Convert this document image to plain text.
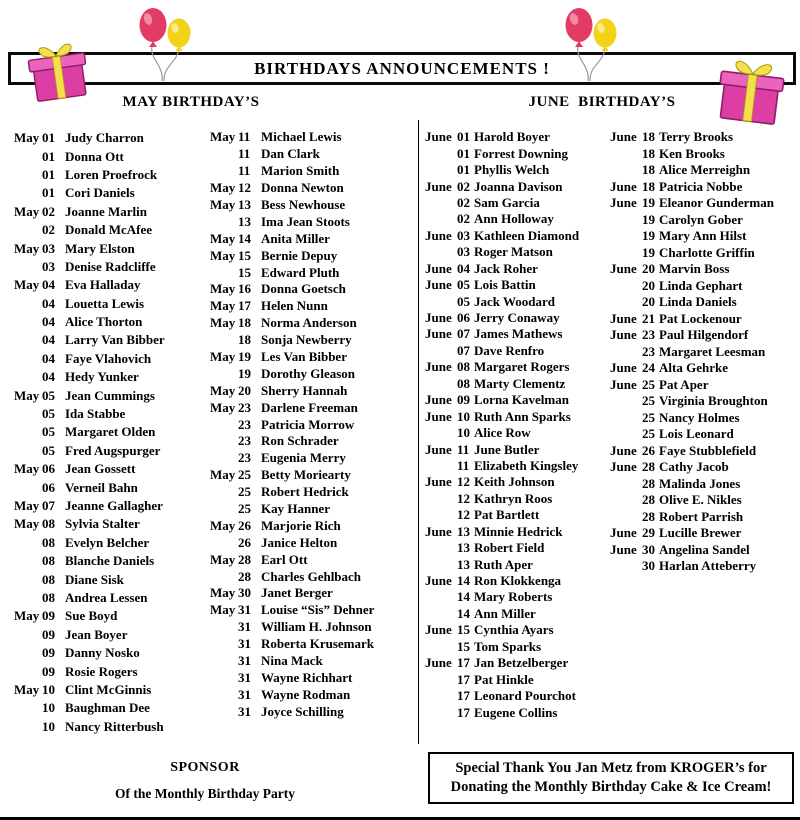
BIRTHDAYS ANNOUNCEMENTS !
MAY BIRTHDAY’S	JUNE  BIRTHDAY’S
May 01 Judy Charron
01 Donna Ott
01 Loren Proefrock
01 Cori Daniels
May 02 Joanne Marlin
02 Donald McAfee
May 03 Mary Elston
03 Denise Radcliffe
May 04 Eva Halladay
04 Louetta Lewis
04 Alice Thorton
04 Larry Van Bibber
04 Faye Vlahovich
04 Hedy Yunker
May 05 Jean Cummings
05 Ida Stabbe
05 Margaret Olden
05 Fred Augspurger
May 06 Jean Gossett
06 Verneil Bahn
May 07 Jeanne Gallagher
May 08 Sylvia Stalter
08 Evelyn Belcher
08 Blanche Daniels
08 Diane Sisk
08 Andrea Lessen
May 09 Sue Boyd
09 Jean Boyer
09 Danny Nosko
09 Rosie Rogers
May 10 Clint McGinnis
10 Baughman Dee
10 Nancy Ritterbush
May 11 Michael Lewis
11 Dan Clark
11 Marion Smith
May 12 Donna Newton
May 13 Bess Newhouse
13 Ima Jean Stoots
May 14 Anita Miller
May 15 Bernie Depuy
15 Edward Pluth
May 16 Donna Goetsch
May 17 Helen Nunn
May 18 Norma Anderson
18 Sonja Newberry
May 19 Les Van Bibber
19 Dorothy Gleason
May 20 Sherry Hannah
May 23 Darlene Freeman
23 Patricia Morrow
23 Ron Schrader
23 Eugenia Merry
May 25 Betty Moriearty
25 Robert Hedrick
25 Kay Hanner
May 26 Marjorie Rich
26 Janice Helton
May 28 Earl Ott
28 Charles Gehlbach
May 30 Janet Berger
May 31 Louise “Sis” Dehner
31 William H. Johnson
31 Roberta Krusemark
31 Nina Mack
31 Wayne Richhart
31 Wayne Rodman
31 Joyce Schilling
June 01 Harold Boyer
01 Forrest Downing
01 Phyllis Welch
June 02 Joanna Davison
02 Sam Garcia
02 Ann Holloway
June 03 Kathleen Diamond
03 Roger Matson
June 04 Jack Roher
June 05 Lois Battin
05 Jack Woodard
June 06 Jerry Conaway
June 07 James Mathews
07 Dave Renfro
June 08 Margaret Rogers
08 Marty Clementz
June 09 Lorna Kavelman
June 10 Ruth Ann Sparks
10 Alice Row
June 11 June Butler
11 Elizabeth Kingsley
June 12 Keith Johnson
12 Kathryn Roos
12 Pat Bartlett
June 13 Minnie Hedrick
13 Robert Field
13 Ruth Aper
June 14 Ron Klokkenga
14 Mary Roberts
14 Ann Miller
June 15 Cynthia Ayars
15 Tom Sparks
June 17 Jan Betzelberger
17 Pat Hinkle
17 Leonard Pourchot
17 Eugene Collins
June 18 Terry Brooks
18 Ken Brooks
18 Alice Merreighn
June 18 Patricia Nobbe
June 19 Eleanor Gunderman
19 Carolyn Gober
19 Mary Ann Hilst
19 Charlotte Griffin
June 20 Marvin Boss
20 Linda Gephart
20 Linda Daniels
June 21 Pat Lockenour
June 23 Paul Hilgendorf
23 Margaret Leesman
June 24 Alta Gehrke
June 25 Pat Aper
25 Virginia Broughton
25 Nancy Holmes
25 Lois Leonard
June 26 Faye Stubblefield
June 28 Cathy Jacob
28 Malinda Jones
28 Olive E. Nikles
28 Robert Parrish
June 29 Lucille Brewer
June 30 Angelina Sandel
30 Harlan Atteberry
SPONSOR
Of the Monthly Birthday Party
Special Thank You Jan Metz from KROGER’s for
Donating the Monthly Birthday Cake & Ice Cream!
